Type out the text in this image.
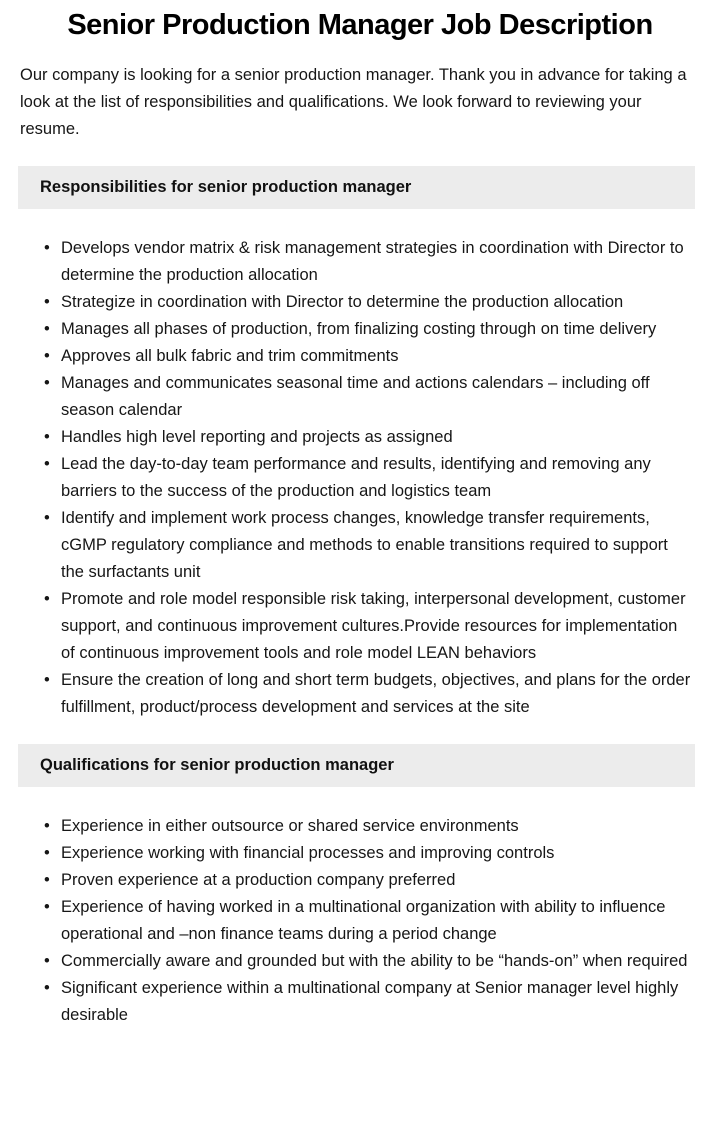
Senior Production Manager Job Description

Our company is looking for a senior production manager. Thank you in advance for taking a look at the list of responsibilities and qualifications. We look forward to reviewing your resume.

Responsibilities for senior production manager
• Develops vendor matrix & risk management strategies in coordination with Director to determine the production allocation
• Strategize in coordination with Director to determine the production allocation
• Manages all phases of production, from finalizing costing through on time delivery
• Approves all bulk fabric and trim commitments
• Manages and communicates seasonal time and actions calendars – including off season calendar
• Handles high level reporting and projects as assigned
• Lead the day-to-day team performance and results, identifying and removing any barriers to the success of the production and logistics team
• Identify and implement work process changes, knowledge transfer requirements, cGMP regulatory compliance and methods to enable transitions required to support the surfactants unit
• Promote and role model responsible risk taking, interpersonal development, customer support, and continuous improvement cultures.Provide resources for implementation of continuous improvement tools and role model LEAN behaviors
• Ensure the creation of long and short term budgets, objectives, and plans for the order fulfillment, product/process development and services at the site
Qualifications for senior production manager
• Experience in either outsource or shared service environments
• Experience working with financial processes and improving controls
• Proven experience at a production company preferred
• Experience of having worked in a multinational organization with ability to influence operational and –non finance teams during a period change
• Commercially aware and grounded but with the ability to be “hands-on” when required
• Significant experience within a multinational company at Senior manager level highly desirable
